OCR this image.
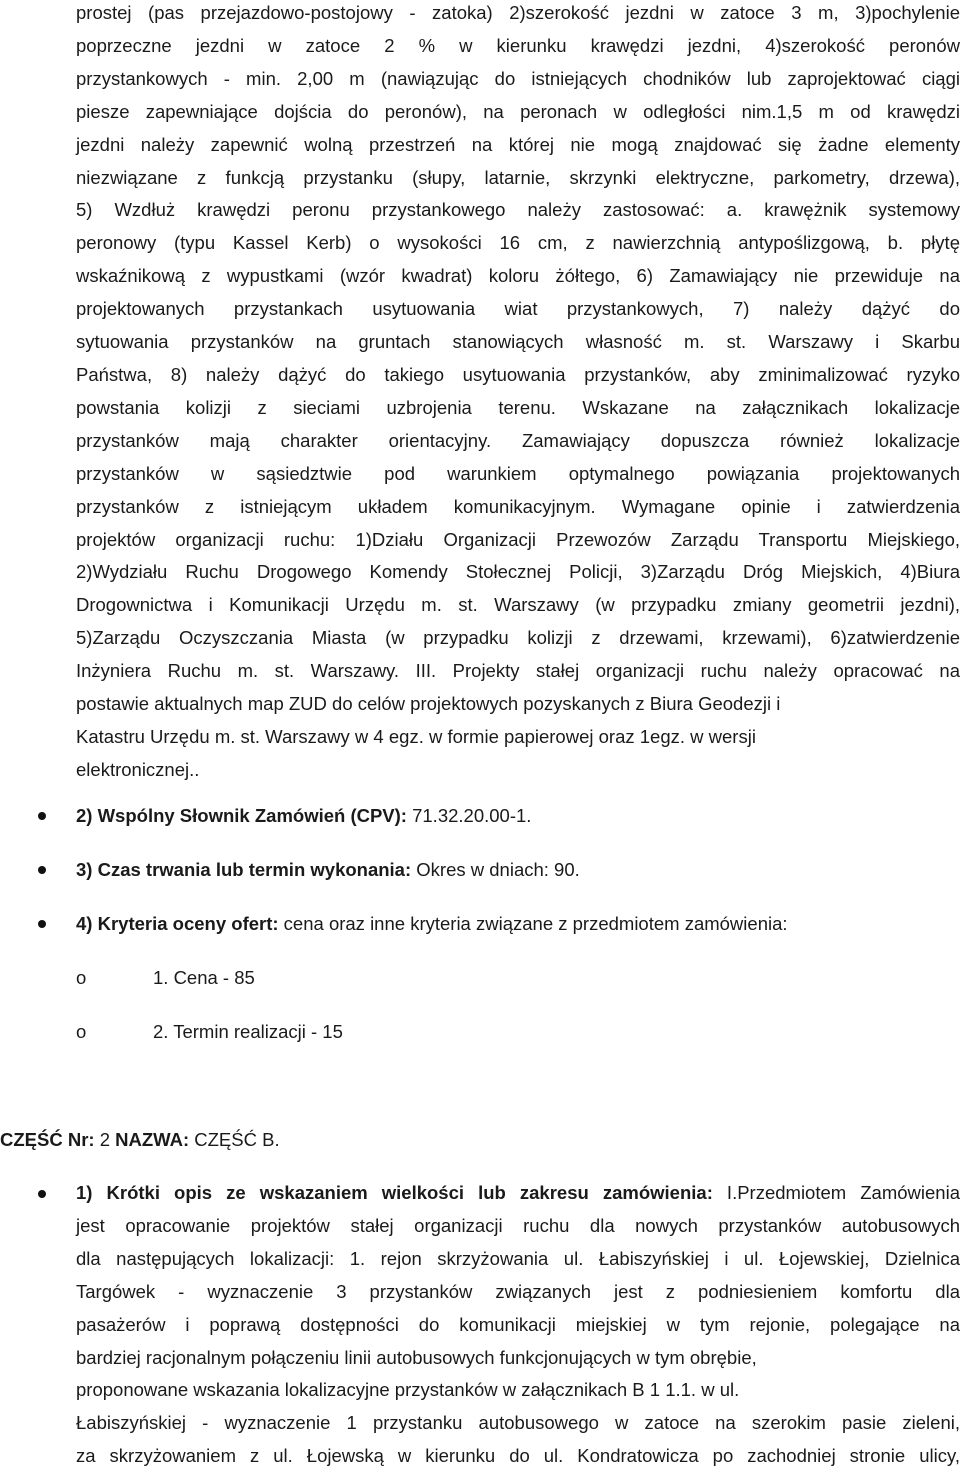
prostej (pas przejazdowo-postojowy - zatoka) 2)szerokość jezdni w zatoce 3 m, 3)pochylenie
poprzeczne jezdni w zatoce 2 % w kierunku krawędzi jezdni, 4)szerokość peronów
przystankowych - min. 2,00 m (nawiązując do istniejących chodników lub zaprojektować ciągi
piesze zapewniające dojścia do peronów), na peronach w odległości nim.1,5 m od krawędzi
jezdni należy zapewnić wolną przestrzeń na której nie mogą znajdować się żadne elementy
niezwiązane z funkcją przystanku (słupy, latarnie, skrzynki elektryczne, parkometry, drzewa),
5) Wzdłuż krawędzi peronu przystankowego należy zastosować: a. krawężnik systemowy
peronowy (typu Kassel Kerb) o wysokości 16 cm, z nawierzchnią antypoślizgową, b. płytę
wskaźnikową z wypustkami (wzór kwadrat) koloru żółtego, 6) Zamawiający nie przewiduje na
projektowanych przystankach usytuowania wiat przystankowych, 7) należy dążyć do
sytuowania przystanków na gruntach stanowiących własność m. st. Warszawy i Skarbu
Państwa, 8) należy dążyć do takiego usytuowania przystanków, aby zminimalizować ryzyko
powstania kolizji z sieciami uzbrojenia terenu. Wskazane na załącznikach lokalizacje
przystanków mają charakter orientacyjny. Zamawiający dopuszcza również lokalizacje
przystanków w sąsiedztwie pod warunkiem optymalnego powiązania projektowanych
przystanków z istniejącym układem komunikacyjnym. Wymagane opinie i zatwierdzenia
projektów organizacji ruchu: 1)Działu Organizacji Przewozów Zarządu Transportu Miejskiego,
2)Wydziału Ruchu Drogowego Komendy Stołecznej Policji, 3)Zarządu Dróg Miejskich, 4)Biura
Drogownictwa i Komunikacji Urzędu m. st. Warszawy (w przypadku zmiany geometrii jezdni),
5)Zarządu Oczyszczania Miasta (w przypadku kolizji z drzewami, krzewami), 6)zatwierdzenie
Inżyniera Ruchu m. st. Warszawy. III. Projekty stałej organizacji ruchu należy opracować na
postawie aktualnych map ZUD do celów projektowych pozyskanych z Biura Geodezji i
Katastru Urzędu m. st. Warszawy w 4 egz. w formie papierowej oraz 1egz. w wersji
elektronicznej..
2) Wspólny Słownik Zamówień (CPV): 71.32.20.00-1.
3) Czas trwania lub termin wykonania: Okres w dniach: 90.
4) Kryteria oceny ofert: cena oraz inne kryteria związane z przedmiotem zamówienia:
o	1. Cena - 85
o	2. Termin realizacji - 15
CZĘŚĆ Nr: 2 NAZWA: CZĘŚĆ B.
1) Krótki opis ze wskazaniem wielkości lub zakresu zamówienia: I.Przedmiotem Zamówienia
jest opracowanie projektów stałej organizacji ruchu dla nowych przystanków autobusowych
dla następujących lokalizacji: 1. rejon skrzyżowania ul. Łabiszyńskiej i ul. Łojewskiej, Dzielnica
Targówek - wyznaczenie 3 przystanków związanych jest z podniesieniem komfortu dla
pasażerów i poprawą dostępności do komunikacji miejskiej w tym rejonie, polegające na
bardziej racjonalnym połączeniu linii autobusowych funkcjonujących w tym obrębie,
proponowane wskazania lokalizacyjne przystanków w załącznikach B 1 1.1. w ul.
Łabiszyńskiej - wyznaczenie 1 przystanku autobusowego w zatoce na szerokim pasie zieleni,
za skrzyżowaniem z ul. Łojewską w kierunku do ul. Kondratowicza po zachodniej stronie ulicy,
